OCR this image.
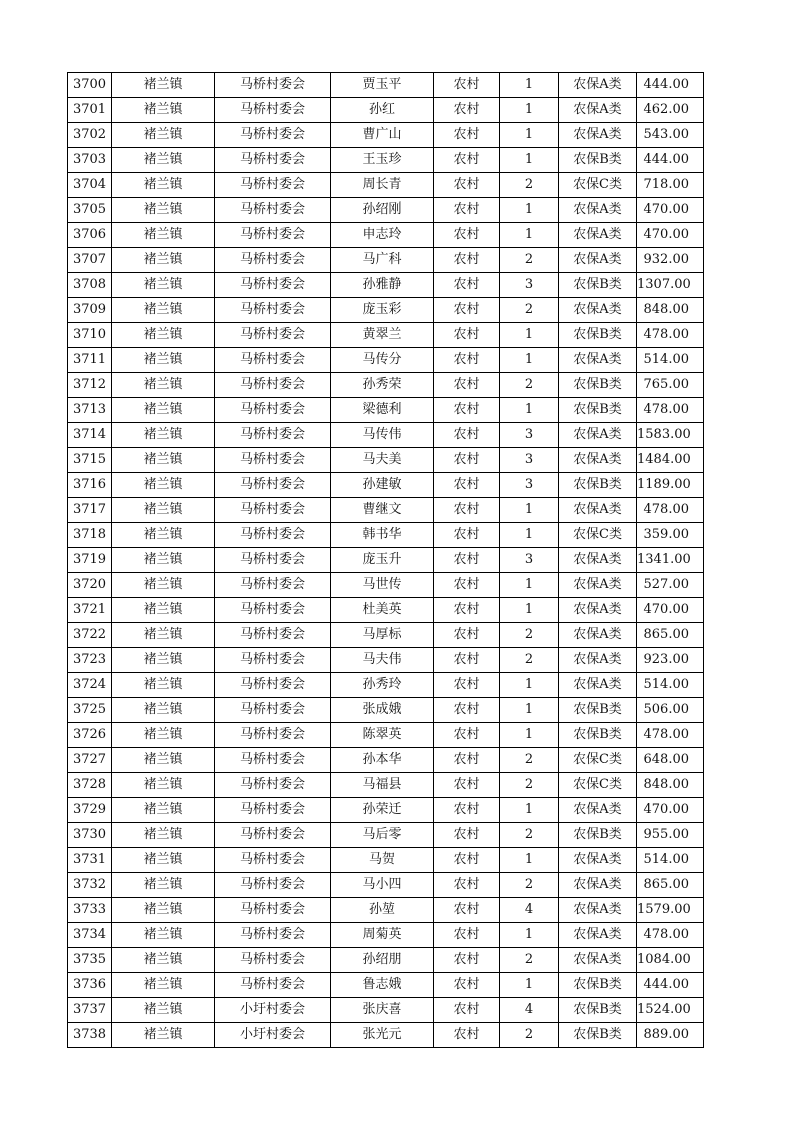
3700	褚兰镇	马桥村委会	贾玉平	农村	1	农保A类	444.00
3701	褚兰镇	马桥村委会	孙红	农村	1	农保A类	462.00
3702	褚兰镇	马桥村委会	曹广山	农村	1	农保A类	543.00
3703	褚兰镇	马桥村委会	王玉珍	农村	1	农保B类	444.00
3704	褚兰镇	马桥村委会	周长青	农村	2	农保C类	718.00
3705	褚兰镇	马桥村委会	孙绍刚	农村	1	农保A类	470.00
3706	褚兰镇	马桥村委会	申志玲	农村	1	农保A类	470.00
3707	褚兰镇	马桥村委会	马广科	农村	2	农保A类	932.00
3708	褚兰镇	马桥村委会	孙雅静	农村	3	农保B类	1307.00
3709	褚兰镇	马桥村委会	庞玉彩	农村	2	农保A类	848.00
3710	褚兰镇	马桥村委会	黄翠兰	农村	1	农保B类	478.00
3711	褚兰镇	马桥村委会	马传分	农村	1	农保A类	514.00
3712	褚兰镇	马桥村委会	孙秀荣	农村	2	农保B类	765.00
3713	褚兰镇	马桥村委会	梁德利	农村	1	农保B类	478.00
3714	褚兰镇	马桥村委会	马传伟	农村	3	农保A类	1583.00
3715	褚兰镇	马桥村委会	马夫美	农村	3	农保A类	1484.00
3716	褚兰镇	马桥村委会	孙建敏	农村	3	农保B类	1189.00
3717	褚兰镇	马桥村委会	曹继文	农村	1	农保A类	478.00
3718	褚兰镇	马桥村委会	韩书华	农村	1	农保C类	359.00
3719	褚兰镇	马桥村委会	庞玉升	农村	3	农保A类	1341.00
3720	褚兰镇	马桥村委会	马世传	农村	1	农保A类	527.00
3721	褚兰镇	马桥村委会	杜美英	农村	1	农保A类	470.00
3722	褚兰镇	马桥村委会	马厚标	农村	2	农保A类	865.00
3723	褚兰镇	马桥村委会	马夫伟	农村	2	农保A类	923.00
3724	褚兰镇	马桥村委会	孙秀玲	农村	1	农保A类	514.00
3725	褚兰镇	马桥村委会	张成娥	农村	1	农保B类	506.00
3726	褚兰镇	马桥村委会	陈翠英	农村	1	农保B类	478.00
3727	褚兰镇	马桥村委会	孙本华	农村	2	农保C类	648.00
3728	褚兰镇	马桥村委会	马福县	农村	2	农保C类	848.00
3729	褚兰镇	马桥村委会	孙荣迁	农村	1	农保A类	470.00
3730	褚兰镇	马桥村委会	马后零	农村	2	农保B类	955.00
3731	褚兰镇	马桥村委会	马贺	农村	1	农保A类	514.00
3732	褚兰镇	马桥村委会	马小四	农村	2	农保A类	865.00
3733	褚兰镇	马桥村委会	孙堃	农村	4	农保A类	1579.00
3734	褚兰镇	马桥村委会	周菊英	农村	1	农保A类	478.00
3735	褚兰镇	马桥村委会	孙绍朋	农村	2	农保A类	1084.00
3736	褚兰镇	马桥村委会	鲁志娥	农村	1	农保B类	444.00
3737	褚兰镇	小圩村委会	张庆喜	农村	4	农保B类	1524.00
3738	褚兰镇	小圩村委会	张光元	农村	2	农保B类	889.00
